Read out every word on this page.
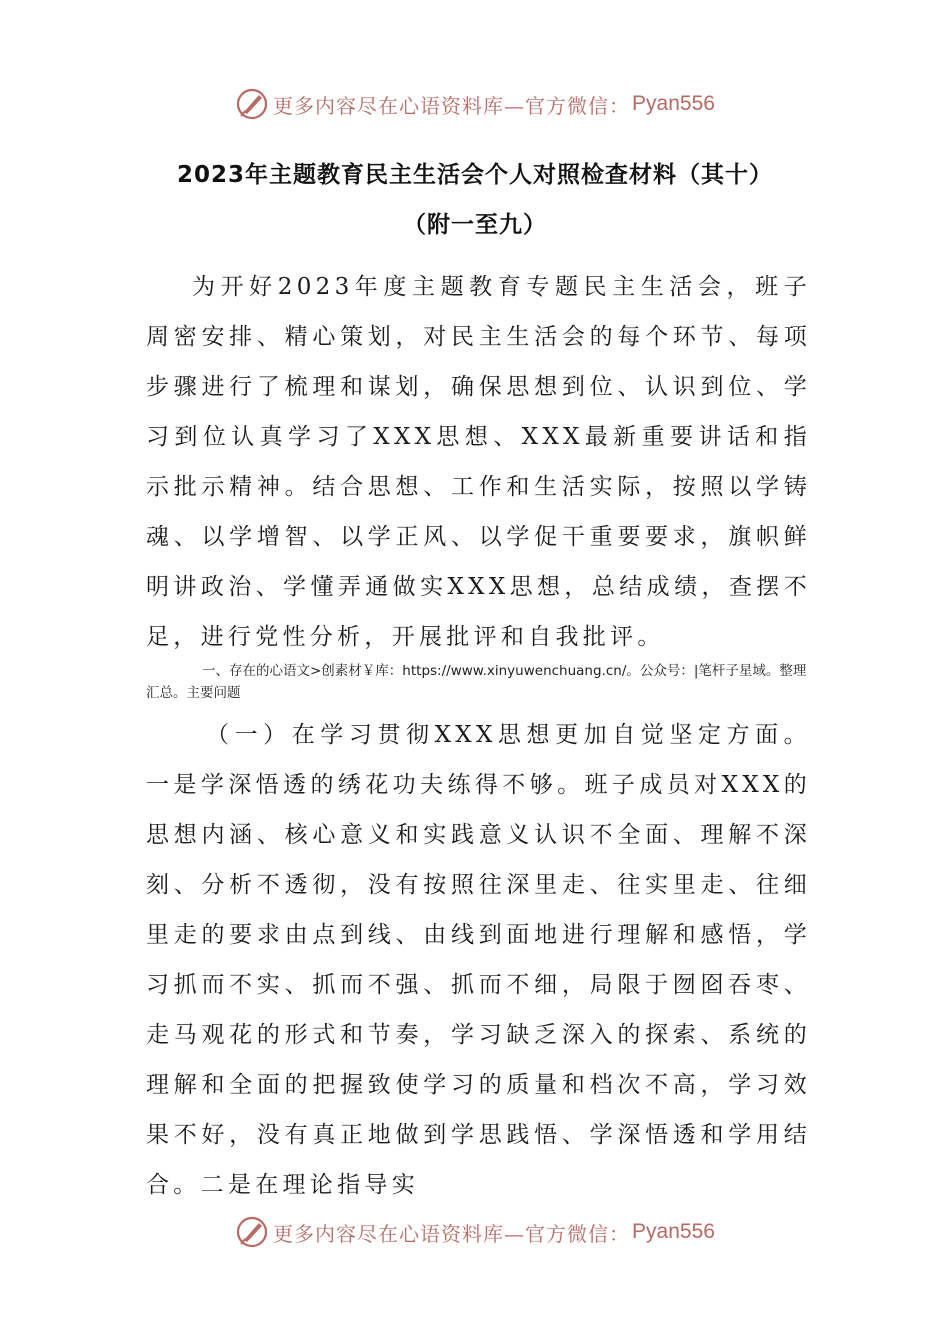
更多内容尽在心语资料库—官方微信： Pyan556
2023年主题教育民主生活会个人对照检查材料（其十）
（附一至九）
为开好2023年度主题教育专题民主生活会，班子周密安排、精心策划，对民主生活会的每个环节、每项步骤进行了梳理和谋划，确保思想到位、认识到位、学习到位认真学习了XXX思想、XXX最新重要讲话和指示批示精神。结合思想、工作和生活实际，按照以学铸魂、以学增智、以学正风、以学促干重要要求，旗帜鲜明讲政治、学懂弄通做实XXX思想，总结成绩，查摆不足，进行党性分析，开展批评和自我批评。
一、存在的心语文>创素材￥库：https://www.xinyuwenchuang.cn/。公众号：|笔杆子星域。整理汇总。主要问题
（一）在学习贯彻XXX思想更加自觉坚定方面。一是学深悟透的绣花功夫练得不够。班子成员对XXX的思想内涵、核心意义和实践意义认识不全面、理解不深刻、分析不透彻，没有按照往深里走、往实里走、往细里走的要求由点到线、由线到面地进行理解和感悟，学习抓而不实、抓而不强、抓而不细，局限于囫囵吞枣、走马观花的形式和节奏，学习缺乏深入的探索、系统的理解和全面的把握致使学习的质量和档次不高，学习效果不好，没有真正地做到学思践悟、学深悟透和学用结合。二是在理论指导实
更多内容尽在心语资料库—官方微信： Pyan556
